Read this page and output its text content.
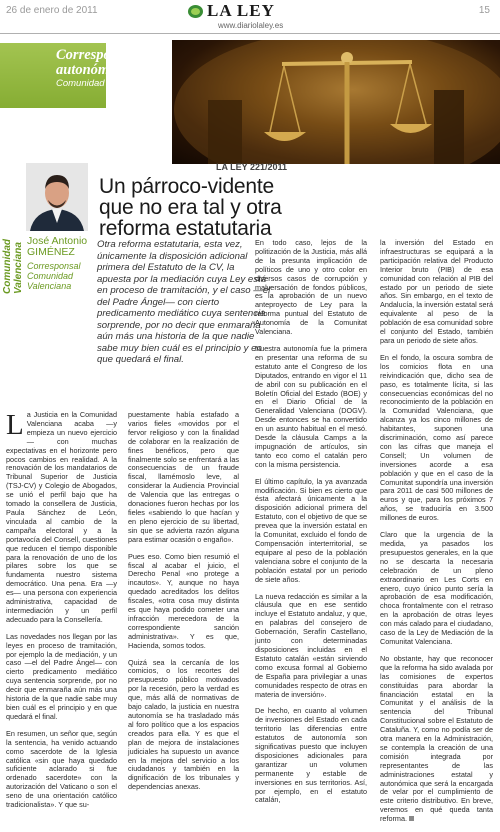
26 de enero de 2011	LA LEY
www.diariolaley.es
15
Corresponsalías autonómicas
Comunidad Valenciana
LA LEY 221/2011
Un párroco-vidente que no era tal y otra reforma estatutaria
Comunidad Valenciana
José Antonio GIMÉNEZ
Corresponsal Comunidad Valenciana
Otra reforma estatutaria, esta vez, únicamente la disposición adicional primera del Estatuto de la CV, la apuesta por la mediación cuya Ley está en proceso de tramitación, y el caso —el del Padre Ángel— con cierto predicamento mediático cuya sentencia sorprende, por no decir que enmaraña aún más una historia de la que nadie sabe muy bien cuál es el principio y en que quedará el final.

La Justicia en la Comunidad Valenciana acaba —y empieza un nuevo ejercicio— con muchas expectativas en el horizonte pero pocos cambios en realidad. A la renovación de los mandatarios de Tribunal Superior de Justicia (TSJ-CV) y Colegio de Abogados, se unió el perfil bajo que ha tomado la consellera de Justicia, Paula Sánchez de León, vinculada al cambio de la campaña electoral y a la portavocía del Consell, cuestiones que reducen el tiempo disponible para la renovación de uno de los pilares sobre los que se fundamenta nuestro sistema democrático. Una pena. Era —y es— una persona con experiencia administrativa, capacidad de intermediación y un perfil adecuado para la Consellería.

Las novedades nos llegan por las leyes en proceso de tramitación, por ejemplo la de mediación, y un caso —el del Padre Ángel— con cierto predicamento mediático cuya sentencia sorprende, por no decir que enmaraña aún más una historia de la que nadie sabe muy bien cuál es el principio y en que quedará el final.

En resumen, un señor que, según la sentencia, ha venido actuando como sacerdote de la Iglesia católica «sin que haya quedado suficiente aclarado si fue ordenado sacerdote» con la autorización del Vaticano o son el seno de una orientación católico tradicionalista». Y que su-

puestamente había estafado a varios fieles «movidos por el fervor religioso y con la finalidad de colaborar en la realización de fines benéficos, pero que finalmente solo se enfrentará a las consecuencias de un fraude fiscal, llamémoslo leve, al considerar la Audiencia Provincial de Valencia que las entregas o donaciones fueron hechas por los fieles «sabiendo lo que hacían y en pleno ejercicio de su libertad, sin que se advierta razón alguna para estimar ocasión o engaño».

Pues eso. Como bien resumió el fiscal al acabar el juicio, el Derecho Penal «no protege a incautos». Y, aunque no haya quedado acreditados los delitos fiscales, «otra cosa muy distinta es que haya podido cometer una infracción merecedora de la correspondiente sanción administrativa». Y es que, Hacienda, somos todos.

Quizá sea la cercanía de los comicios, o los recortes del presupuesto público motivados por la recesión, pero la verdad es que, más allá de normativas de bajo calado, la justicia en nuestra autonomía se ha trasladado más al foro político que a los espacios creados para ella. Y es que el plan de mejora de instalaciones judiciales ha supuesto un avance en la mejora del servicio a los ciudadanos y también en la dignificación de los tribunales y dependencias anexas.

En todo caso, lejos de la politización de la Justicia, más allá de la presunta implicación de políticos de uno y otro color en diversos casos de corrupción y malversación de fondos públicos, es la aprobación de un nuevo anteproyecto de Ley para la reforma puntual del Estatuto de Autonomía de la Comunitat Valenciana.

Nuestra autonomía fue la primera en presentar una reforma de su estatuto ante el Congreso de los Diputados, entrando en vigor el 11 de abril con su publicación en el Boletín Oficial del Estado (BOE) y en el Diario Oficial de la Generalidad Valenciana (DOGV). Desde entonces se ha convertido en un asunto habitual en el mesó. Desde la cláusula Camps a la impugnación de artículos, sin tanto eco como el catalán pero con la misma persistencia.

El último capítulo, la ya avanzada modificación. Si bien es cierto que ésta afectará únicamente a la disposición adicional primera del Estatuto, con el objetivo de que se prevea que la inversión estatal en la Comunitat, excluido el fondo de Compensación interterritorial, se equipare al peso de la población valenciana sobre el conjunto de la población estatal por un periodo de siete años.

La nueva redacción es similar a la cláusula que en ese sentido incluye el Estatuto andaluz, y que, en palabras del consejero de Gobernación, Serafín Castellano, junto con determinadas disposiciones incluidas en el Estatuto catalán «están sirviendo como excusa formal al Gobierno de España para privilegiar a unas comunidades respecto de otras en materia de inversión».

De hecho, en cuanto al volumen de inversiones del Estado en cada territorio las diferencias entre estatutos de autonomía son significativas puesto que incluyen disposiciones adicionales para garantizar un volumen permanente y estable de inversiones en sus territorios. Así, por ejemplo, en el estatuto catalán,

la inversión del Estado en infraestructuras se equipará a la participación relativa del Producto Interior bruto (PIB) de esa comunidad con relación al PIB del estado por un periodo de siete años. Sin embargo, en el texto de Andalucía, la inversión estatal será equivalente al peso de la población de esa comunidad sobre el conjunto del Estado, también para un periodo de siete años.

En el fondo, la oscura sombra de los comicios flota en una reivindicación que, dicho sea de paso, es totalmente lícita, si las consecuencias económicas del no reconocimiento de la población en la Comunidad Valenciana, que alcanza ya los cinco millones de habitantes, suponen una discriminación, como así parece con las cifras que maneja el Consell; Un volumen de inversiones acorde a esa población y que en el caso de la Comunitat supondría una inversión para 2011 de casi 500 millones de euros y que, para los próximos 7 años, se traduciría en 3.500 millones de euros.

Claro que la urgencia de la medida, ya pasados los presupuestos generales, en la que no se descarta la necesaria celebración de un pleno extraordinario en Les Corts en enero, cuyo único punto sería la aprobación de esa modificación, choca frontalmente con el retraso en la aprobación de otras leyes con más calado para el ciudadano, caso de la Ley de Mediación de la Comunitat Valenciana.

No obstante, hay que reconocer que la reforma ha sido avalada por las comisiones de expertos constituidas para abordar la financiación estatal en la Comunitat y el análisis de la sentencia del Tribunal Constitucional sobre el Estatuto de Cataluña. Y, como no podía ser de otra manera en la Administración, se contempla la creación de una comisión integrada por representantes de las administraciones estatal y autonómica que será la encargada de velar por el cumplimiento de este criterio distributivo. En breve, veremos en qué queda tanta reforma.
